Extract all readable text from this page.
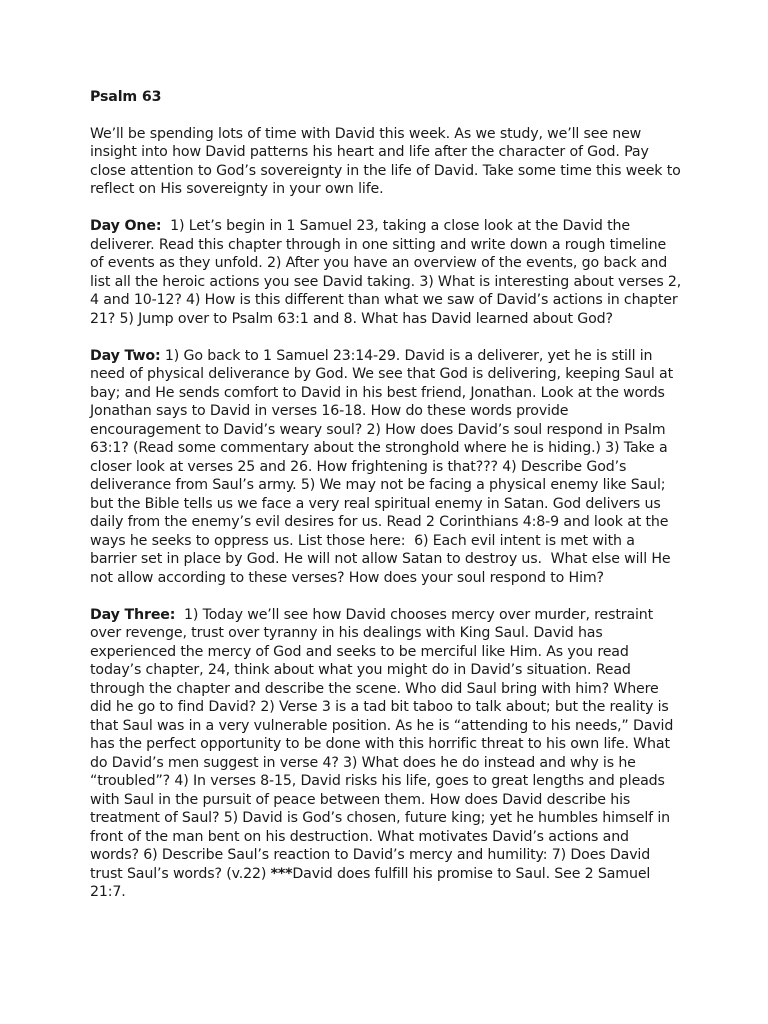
Psalm 63

We’ll be spending lots of time with David this week. As we study, we’ll see new insight into how David patterns his heart and life after the character of God. Pay close attention to God’s sovereignty in the life of David. Take some time this week to reflect on His sovereignty in your own life.

Day One:  1) Let’s begin in 1 Samuel 23, taking a close look at the David the deliverer. Read this chapter through in one sitting and write down a rough timeline of events as they unfold. 2) After you have an overview of the events, go back and list all the heroic actions you see David taking. 3) What is interesting about verses 2, 4 and 10-12? 4) How is this different than what we saw of David’s actions in chapter 21? 5) Jump over to Psalm 63:1 and 8. What has David learned about God?

Day Two: 1) Go back to 1 Samuel 23:14-29. David is a deliverer, yet he is still in need of physical deliverance by God. We see that God is delivering, keeping Saul at bay; and He sends comfort to David in his best friend, Jonathan. Look at the words Jonathan says to David in verses 16-18. How do these words provide encouragement to David’s weary soul? 2) How does David’s soul respond in Psalm 63:1? (Read some commentary about the stronghold where he is hiding.) 3) Take a closer look at verses 25 and 26. How frightening is that??? 4) Describe God’s deliverance from Saul’s army. 5) We may not be facing a physical enemy like Saul; but the Bible tells us we face a very real spiritual enemy in Satan. God delivers us daily from the enemy’s evil desires for us. Read 2 Corinthians 4:8-9 and look at the ways he seeks to oppress us. List those here:  6) Each evil intent is met with a barrier set in place by God. He will not allow Satan to destroy us.  What else will He not allow according to these verses? How does your soul respond to Him?

Day Three:  1) Today we’ll see how David chooses mercy over murder, restraint over revenge, trust over tyranny in his dealings with King Saul. David has experienced the mercy of God and seeks to be merciful like Him. As you read today’s chapter, 24, think about what you might do in David’s situation. Read through the chapter and describe the scene. Who did Saul bring with him? Where did he go to find David? 2) Verse 3 is a tad bit taboo to talk about; but the reality is that Saul was in a very vulnerable position. As he is “attending to his needs,” David has the perfect opportunity to be done with this horrific threat to his own life. What do David’s men suggest in verse 4? 3) What does he do instead and why is he “troubled”? 4) In verses 8-15, David risks his life, goes to great lengths and pleads with Saul in the pursuit of peace between them. How does David describe his treatment of Saul? 5) David is God’s chosen, future king; yet he humbles himself in front of the man bent on his destruction. What motivates David’s actions and words? 6) Describe Saul’s reaction to David’s mercy and humility: 7) Does David trust Saul’s words? (v.22) ***David does fulfill his promise to Saul. See 2 Samuel 21:7.
